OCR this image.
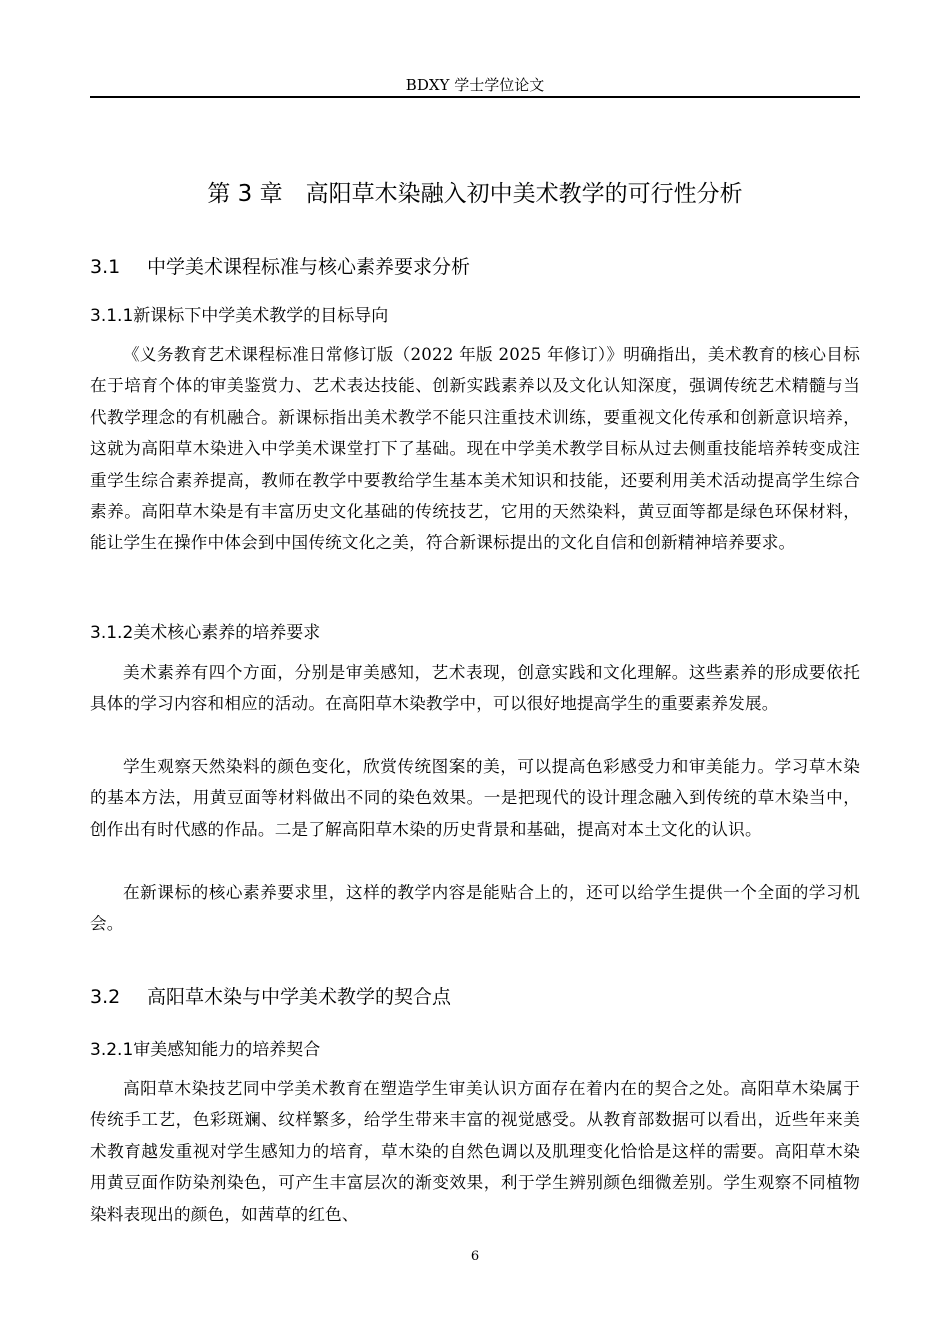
BDXY 学士学位论文
第 3 章　高阳草木染融入初中美术教学的可行性分析
3.1 中学美术课程标准与核心素养要求分析
3.1.1新课标下中学美术教学的目标导向

《义务教育艺术课程标准日常修订版（2022 年版 2025 年修订）》明确指出，美术教育的核心目标在于培育个体的审美鉴赏力、艺术表达技能、创新实践素养以及文化认知深度，强调传统艺术精髓与当代教学理念的有机融合。新课标指出美术教学不能只注重技术训练，要重视文化传承和创新意识培养，这就为高阳草木染进入中学美术课堂打下了基础。现在中学美术教学目标从过去侧重技能培养转变成注重学生综合素养提高，教师在教学中要教给学生基本美术知识和技能，还要利用美术活动提高学生综合素养。高阳草木染是有丰富历史文化基础的传统技艺，它用的天然染料，黄豆面等都是绿色环保材料，能让学生在操作中体会到中国传统文化之美，符合新课标提出的文化自信和创新精神培养要求。

3.1.2美术核心素养的培养要求

美术素养有四个方面，分别是审美感知，艺术表现，创意实践和文化理解。这些素养的形成要依托具体的学习内容和相应的活动。在高阳草木染教学中，可以很好地提高学生的重要素养发展。

学生观察天然染料的颜色变化，欣赏传统图案的美，可以提高色彩感受力和审美能力。学习草木染的基本方法，用黄豆面等材料做出不同的染色效果。一是把现代的设计理念融入到传统的草木染当中，创作出有时代感的作品。二是了解高阳草木染的历史背景和基础，提高对本土文化的认识。

在新课标的核心素养要求里，这样的教学内容是能贴合上的，还可以给学生提供一个全面的学习机会。

3.2 高阳草木染与中学美术教学的契合点
3.2.1审美感知能力的培养契合

高阳草木染技艺同中学美术教育在塑造学生审美认识方面存在着内在的契合之处。高阳草木染属于传统手工艺，色彩斑斓、纹样繁多，给学生带来丰富的视觉感受。从教育部数据可以看出，近些年来美术教育越发重视对学生感知力的培育，草木染的自然色调以及肌理变化恰恰是这样的需要。高阳草木染用黄豆面作防染剂染色，可产生丰富层次的渐变效果，利于学生辨别颜色细微差别。学生观察不同植物染料表现出的颜色，如茜草的红色、

6
